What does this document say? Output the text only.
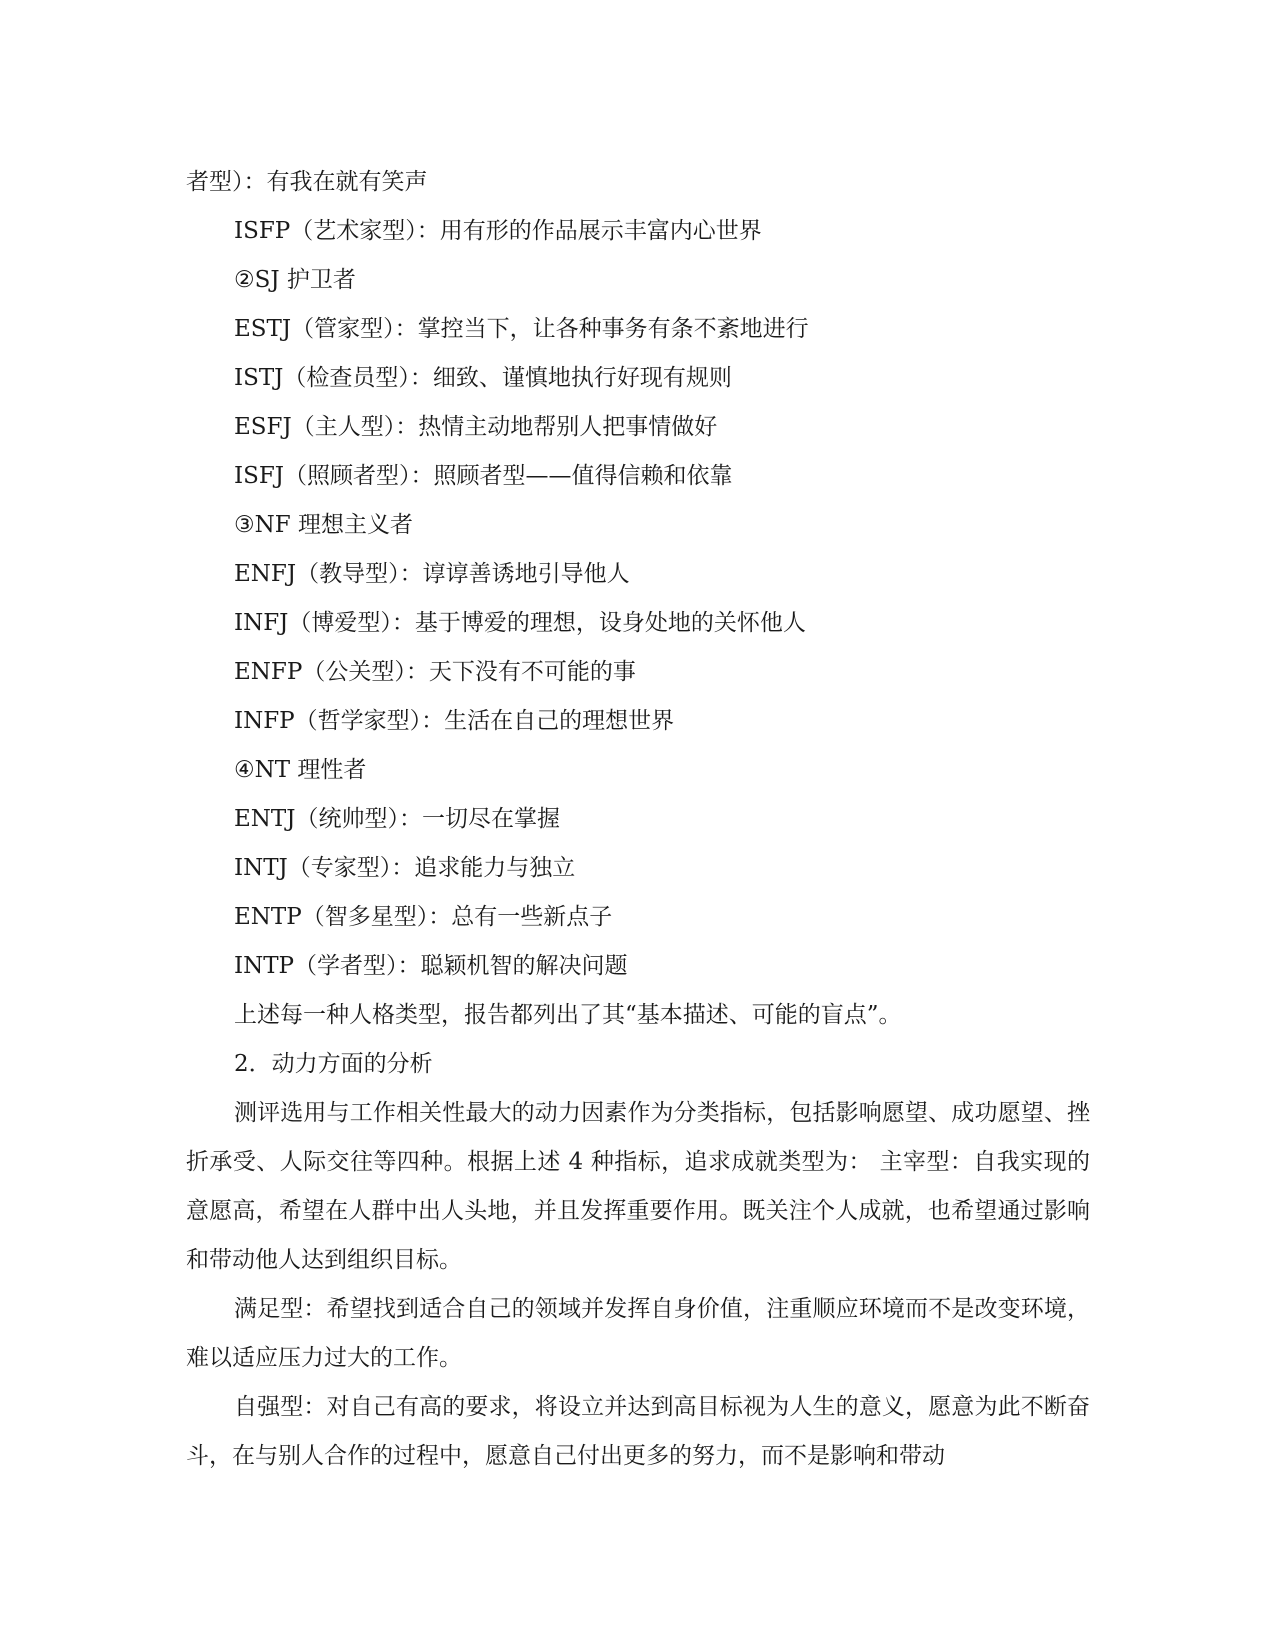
者型）：有我在就有笑声
ISFP（艺术家型）：用有形的作品展示丰富内心世界
②SJ 护卫者
ESTJ（管家型）：掌控当下，让各种事务有条不紊地进行
ISTJ（检查员型）：细致、谨慎地执行好现有规则
ESFJ（主人型）：热情主动地帮别人把事情做好
ISFJ（照顾者型）：照顾者型——值得信赖和依靠
③NF 理想主义者
ENFJ（教导型）：谆谆善诱地引导他人
INFJ（博爱型）：基于博爱的理想，设身处地的关怀他人
ENFP（公关型）：天下没有不可能的事
INFP（哲学家型）：生活在自己的理想世界
④NT 理性者
ENTJ（统帅型）：一切尽在掌握
INTJ（专家型）：追求能力与独立
ENTP（智多星型）：总有一些新点子
INTP（学者型）：聪颖机智的解决问题
上述每一种人格类型，报告都列出了其“基本描述、可能的盲点”。
2．动力方面的分析
测评选用与工作相关性最大的动力因素作为分类指标，包括影响愿望、成功愿望、挫折承受、人际交往等四种。根据上述 4 种指标，追求成就类型为： 主宰型：自我实现的意愿高，希望在人群中出人头地，并且发挥重要作用。既关注个人成就，也希望通过影响和带动他人达到组织目标。
满足型：希望找到适合自己的领域并发挥自身价值，注重顺应环境而不是改变环境，难以适应压力过大的工作。
自强型：对自己有高的要求，将设立并达到高目标视为人生的意义，愿意为此不断奋斗，在与别人合作的过程中，愿意自己付出更多的努力，而不是影响和带动
